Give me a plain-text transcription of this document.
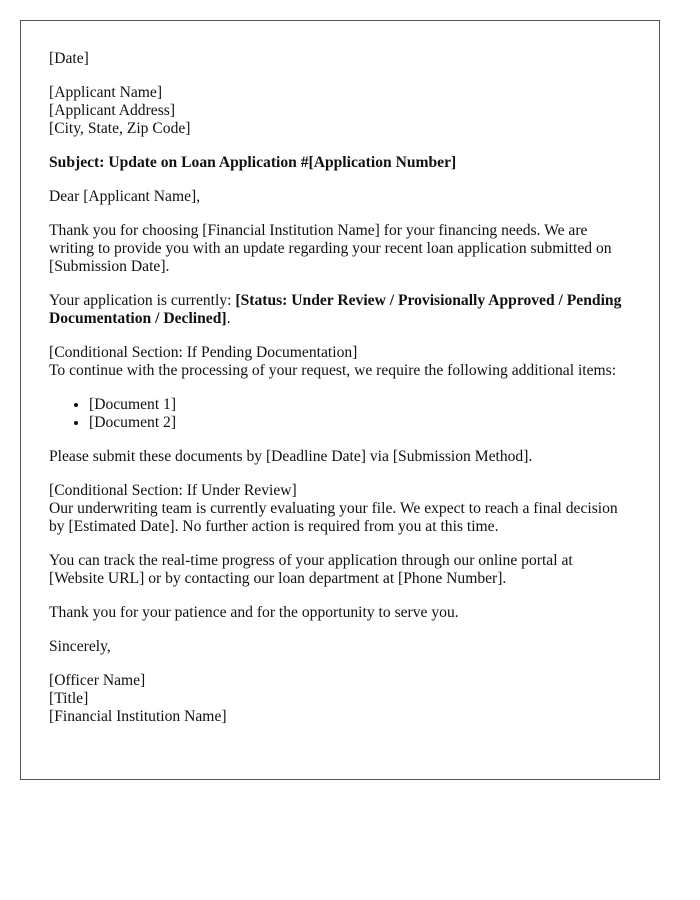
[Date]

[Applicant Name]
[Applicant Address]
[City, State, Zip Code]

Subject: Update on Loan Application #[Application Number]

Dear [Applicant Name],

Thank you for choosing [Financial Institution Name] for your financing needs. We are writing to provide you with an update regarding your recent loan application submitted on [Submission Date].

Your application is currently: [Status: Under Review / Provisionally Approved / Pending Documentation / Declined].

[Conditional Section: If Pending Documentation]
To continue with the processing of your request, we require the following additional items:
• [Document 1]
• [Document 2]

Please submit these documents by [Deadline Date] via [Submission Method].

[Conditional Section: If Under Review]
Our underwriting team is currently evaluating your file. We expect to reach a final decision by [Estimated Date]. No further action is required from you at this time.

You can track the real-time progress of your application through our online portal at [Website URL] or by contacting our loan department at [Phone Number].

Thank you for your patience and for the opportunity to serve you.

Sincerely,

[Officer Name]
[Title]
[Financial Institution Name]
